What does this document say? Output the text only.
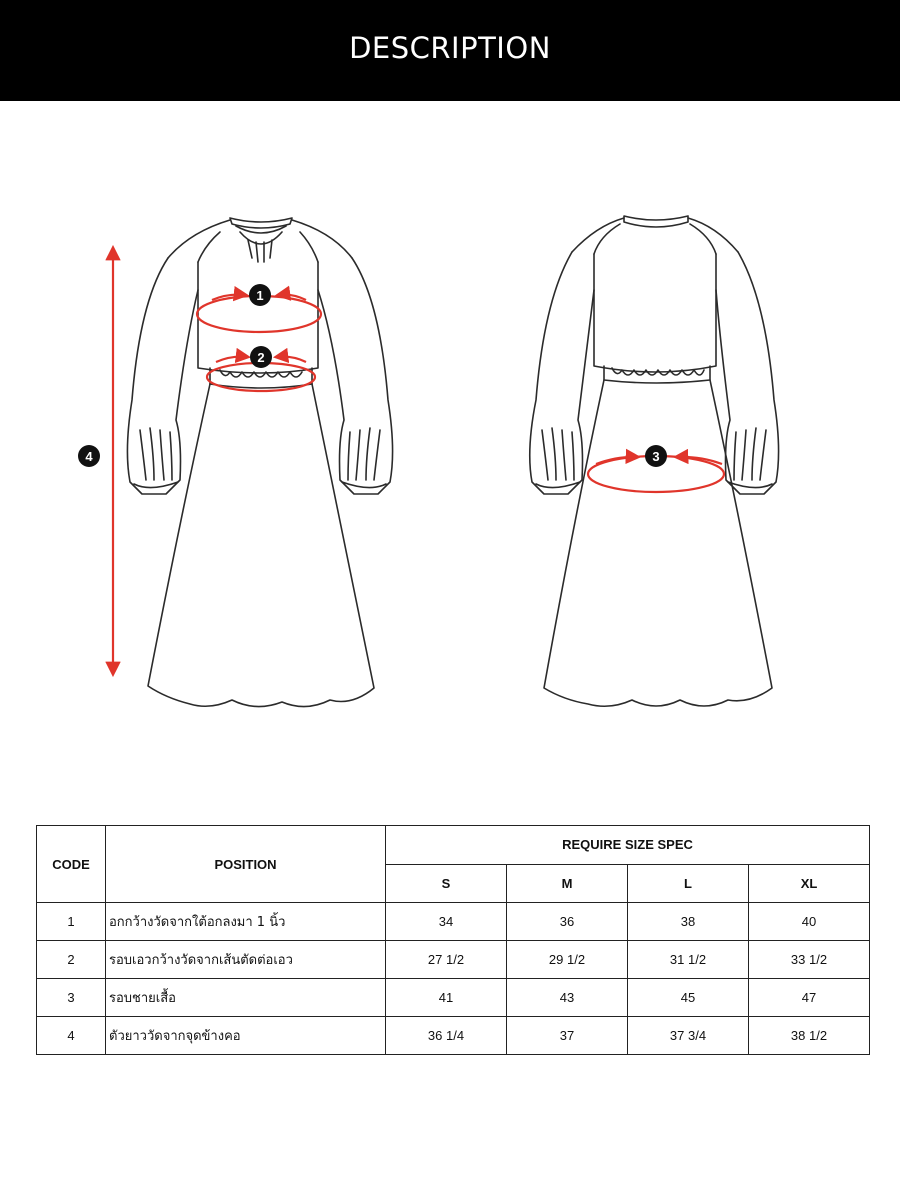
DESCRIPTION
1
2
3
4
CODE	POSITION	REQUIRE SIZE SPEC			
		S	M	L	XL
1	อกกว้างวัดจากใต้อกลงมา 1 นิ้ว	34	36	38	40
2	รอบเอวกว้างวัดจากเส้นตัดต่อเอว	27 1/2	29 1/2	31 1/2	33 1/2
3	รอบชายเสื้อ	41	43	45	47
4	ตัวยาววัดจากจุดข้างคอ	36 1/4	37	37 3/4	38 1/2
